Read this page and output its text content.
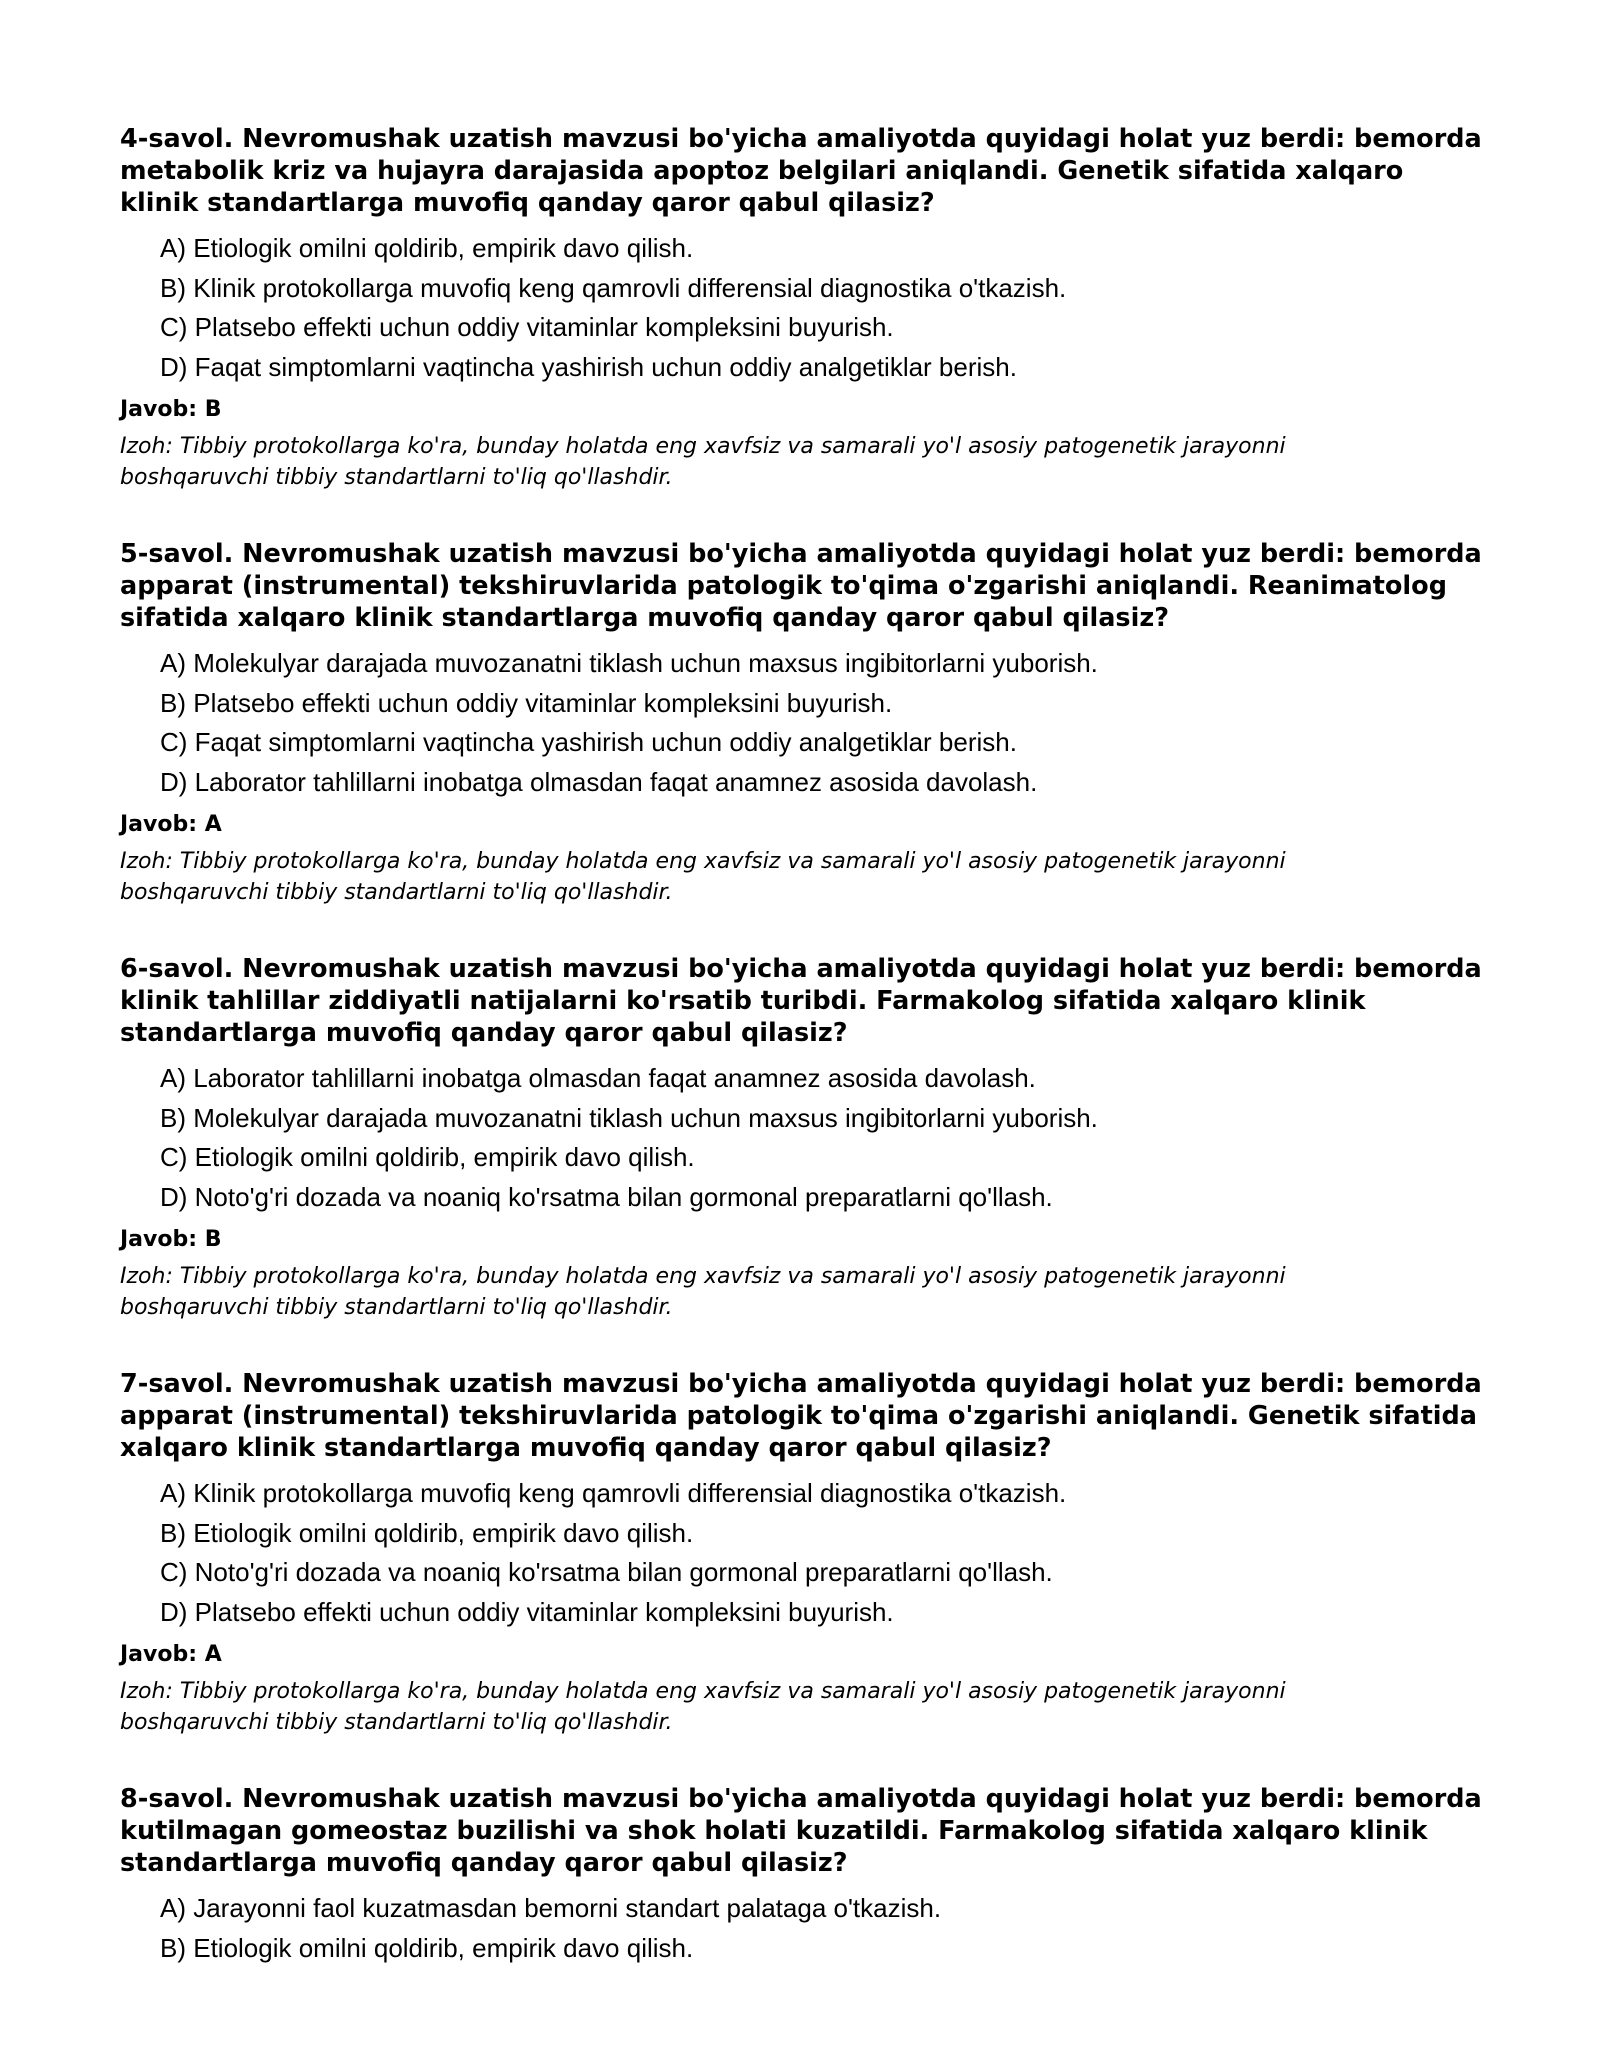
4-savol. Nevromushak uzatish mavzusi bo'yicha amaliyotda quyidagi holat yuz berdi: bemorda metabolik kriz va hujayra darajasida apoptoz belgilari aniqlandi. Genetik sifatida xalqaro klinik standartlarga muvofiq qanday qaror qabul qilasiz?

A) Etiologik omilni qoldirib, empirik davo qilish.
B) Klinik protokollarga muvofiq keng qamrovli differensial diagnostika o'tkazish.
C) Platsebo effekti uchun oddiy vitaminlar kompleksini buyurish.
D) Faqat simptomlarni vaqtincha yashirish uchun oddiy analgetiklar berish.

Javob: B

Izoh: Tibbiy protokollarga ko'ra, bunday holatda eng xavfsiz va samarali yo'l asosiy patogenetik jarayonni boshqaruvchi tibbiy standartlarni to'liq qo'llashdir.

5-savol. Nevromushak uzatish mavzusi bo'yicha amaliyotda quyidagi holat yuz berdi: bemorda apparat (instrumental) tekshiruvlarida patologik to'qima o'zgarishi aniqlandi. Reanimatolog sifatida xalqaro klinik standartlarga muvofiq qanday qaror qabul qilasiz?

A) Molekulyar darajada muvozanatni tiklash uchun maxsus ingibitorlarni yuborish.
B) Platsebo effekti uchun oddiy vitaminlar kompleksini buyurish.
C) Faqat simptomlarni vaqtincha yashirish uchun oddiy analgetiklar berish.
D) Laborator tahlillarni inobatga olmasdan faqat anamnez asosida davolash.

Javob: A

Izoh: Tibbiy protokollarga ko'ra, bunday holatda eng xavfsiz va samarali yo'l asosiy patogenetik jarayonni boshqaruvchi tibbiy standartlarni to'liq qo'llashdir.

6-savol. Nevromushak uzatish mavzusi bo'yicha amaliyotda quyidagi holat yuz berdi: bemorda klinik tahlillar ziddiyatli natijalarni ko'rsatib turibdi. Farmakolog sifatida xalqaro klinik standartlarga muvofiq qanday qaror qabul qilasiz?

A) Laborator tahlillarni inobatga olmasdan faqat anamnez asosida davolash.
B) Molekulyar darajada muvozanatni tiklash uchun maxsus ingibitorlarni yuborish.
C) Etiologik omilni qoldirib, empirik davo qilish.
D) Noto'g'ri dozada va noaniq ko'rsatma bilan gormonal preparatlarni qo'llash.

Javob: B

Izoh: Tibbiy protokollarga ko'ra, bunday holatda eng xavfsiz va samarali yo'l asosiy patogenetik jarayonni boshqaruvchi tibbiy standartlarni to'liq qo'llashdir.

7-savol. Nevromushak uzatish mavzusi bo'yicha amaliyotda quyidagi holat yuz berdi: bemorda apparat (instrumental) tekshiruvlarida patologik to'qima o'zgarishi aniqlandi. Genetik sifatida xalqaro klinik standartlarga muvofiq qanday qaror qabul qilasiz?

A) Klinik protokollarga muvofiq keng qamrovli differensial diagnostika o'tkazish.
B) Etiologik omilni qoldirib, empirik davo qilish.
C) Noto'g'ri dozada va noaniq ko'rsatma bilan gormonal preparatlarni qo'llash.
D) Platsebo effekti uchun oddiy vitaminlar kompleksini buyurish.

Javob: A

Izoh: Tibbiy protokollarga ko'ra, bunday holatda eng xavfsiz va samarali yo'l asosiy patogenetik jarayonni boshqaruvchi tibbiy standartlarni to'liq qo'llashdir.

8-savol. Nevromushak uzatish mavzusi bo'yicha amaliyotda quyidagi holat yuz berdi: bemorda kutilmagan gomeostaz buzilishi va shok holati kuzatildi. Farmakolog sifatida xalqaro klinik standartlarga muvofiq qanday qaror qabul qilasiz?

A) Jarayonni faol kuzatmasdan bemorni standart palataga o'tkazish.
B) Etiologik omilni qoldirib, empirik davo qilish.
